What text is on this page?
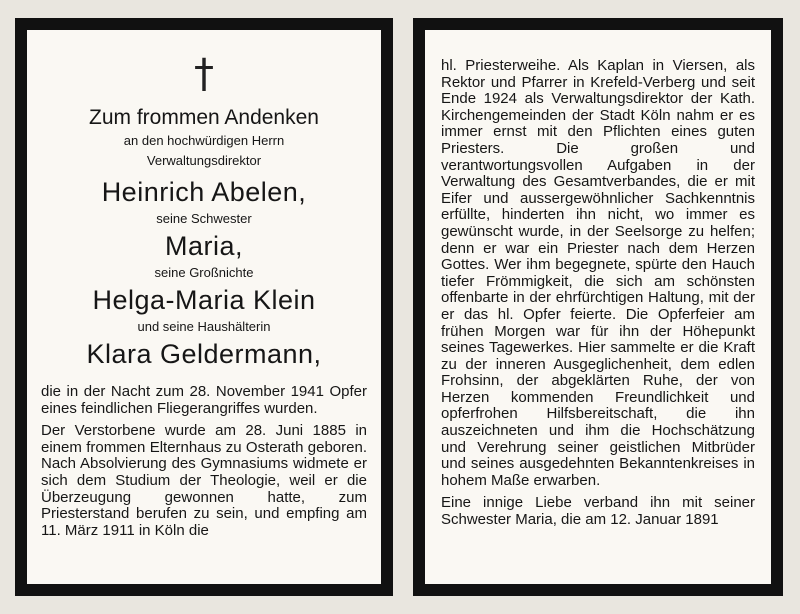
†
Zum frommen Andenken
an den hochwürdigen Herrn
Verwaltungsdirektor
Heinrich Abelen,
seine Schwester
Maria,
seine Großnichte
Helga-Maria Klein
und seine Haushälterin
Klara Geldermann,

die in der Nacht zum 28. November 1941 Opfer eines feindlichen Fliegerangriffes wurden.

Der Verstorbene wurde am 28. Juni 1885 in einem frommen Elternhaus zu Osterath geboren. Nach Absolvierung des Gymnasiums widmete er sich dem Studium der Theologie, weil er die Überzeugung gewonnen hatte, zum Priesterstand berufen zu sein, und empfing am 11. März 1911 in Köln die

hl. Priesterweihe. Als Kaplan in Viersen, als Rektor und Pfarrer in Krefeld-Verberg und seit Ende 1924 als Verwaltungsdirektor der Kath. Kirchengemeinden der Stadt Köln nahm er es immer ernst mit den Pflichten eines guten Priesters. Die großen und verantwortungsvollen Aufgaben in der Verwaltung des Gesamtverbandes, die er mit Eifer und aussergewöhnlicher Sachkenntnis erfüllte, hinderten ihn nicht, wo immer es gewünscht wurde, in der Seelsorge zu helfen; denn er war ein Priester nach dem Herzen Gottes. Wer ihm begegnete, spürte den Hauch tiefer Frömmigkeit, die sich am schönsten offenbarte in der ehrfürchtigen Haltung, mit der er das hl. Opfer feierte. Die Opferfeier am frühen Morgen war für ihn der Höhepunkt seines Tagewerkes. Hier sammelte er die Kraft zu der inneren Ausgeglichenheit, dem edlen Frohsinn, der abgeklärten Ruhe, der von Herzen kommenden Freundlichkeit und opferfrohen Hilfsbereitschaft, die ihn auszeichneten und ihm die Hochschätzung und Verehrung seiner geistlichen Mitbrüder und seines ausgedehnten Bekanntenkreises in hohem Maße erwarben.

Eine innige Liebe verband ihn mit seiner Schwester Maria, die am 12. Januar 1891
